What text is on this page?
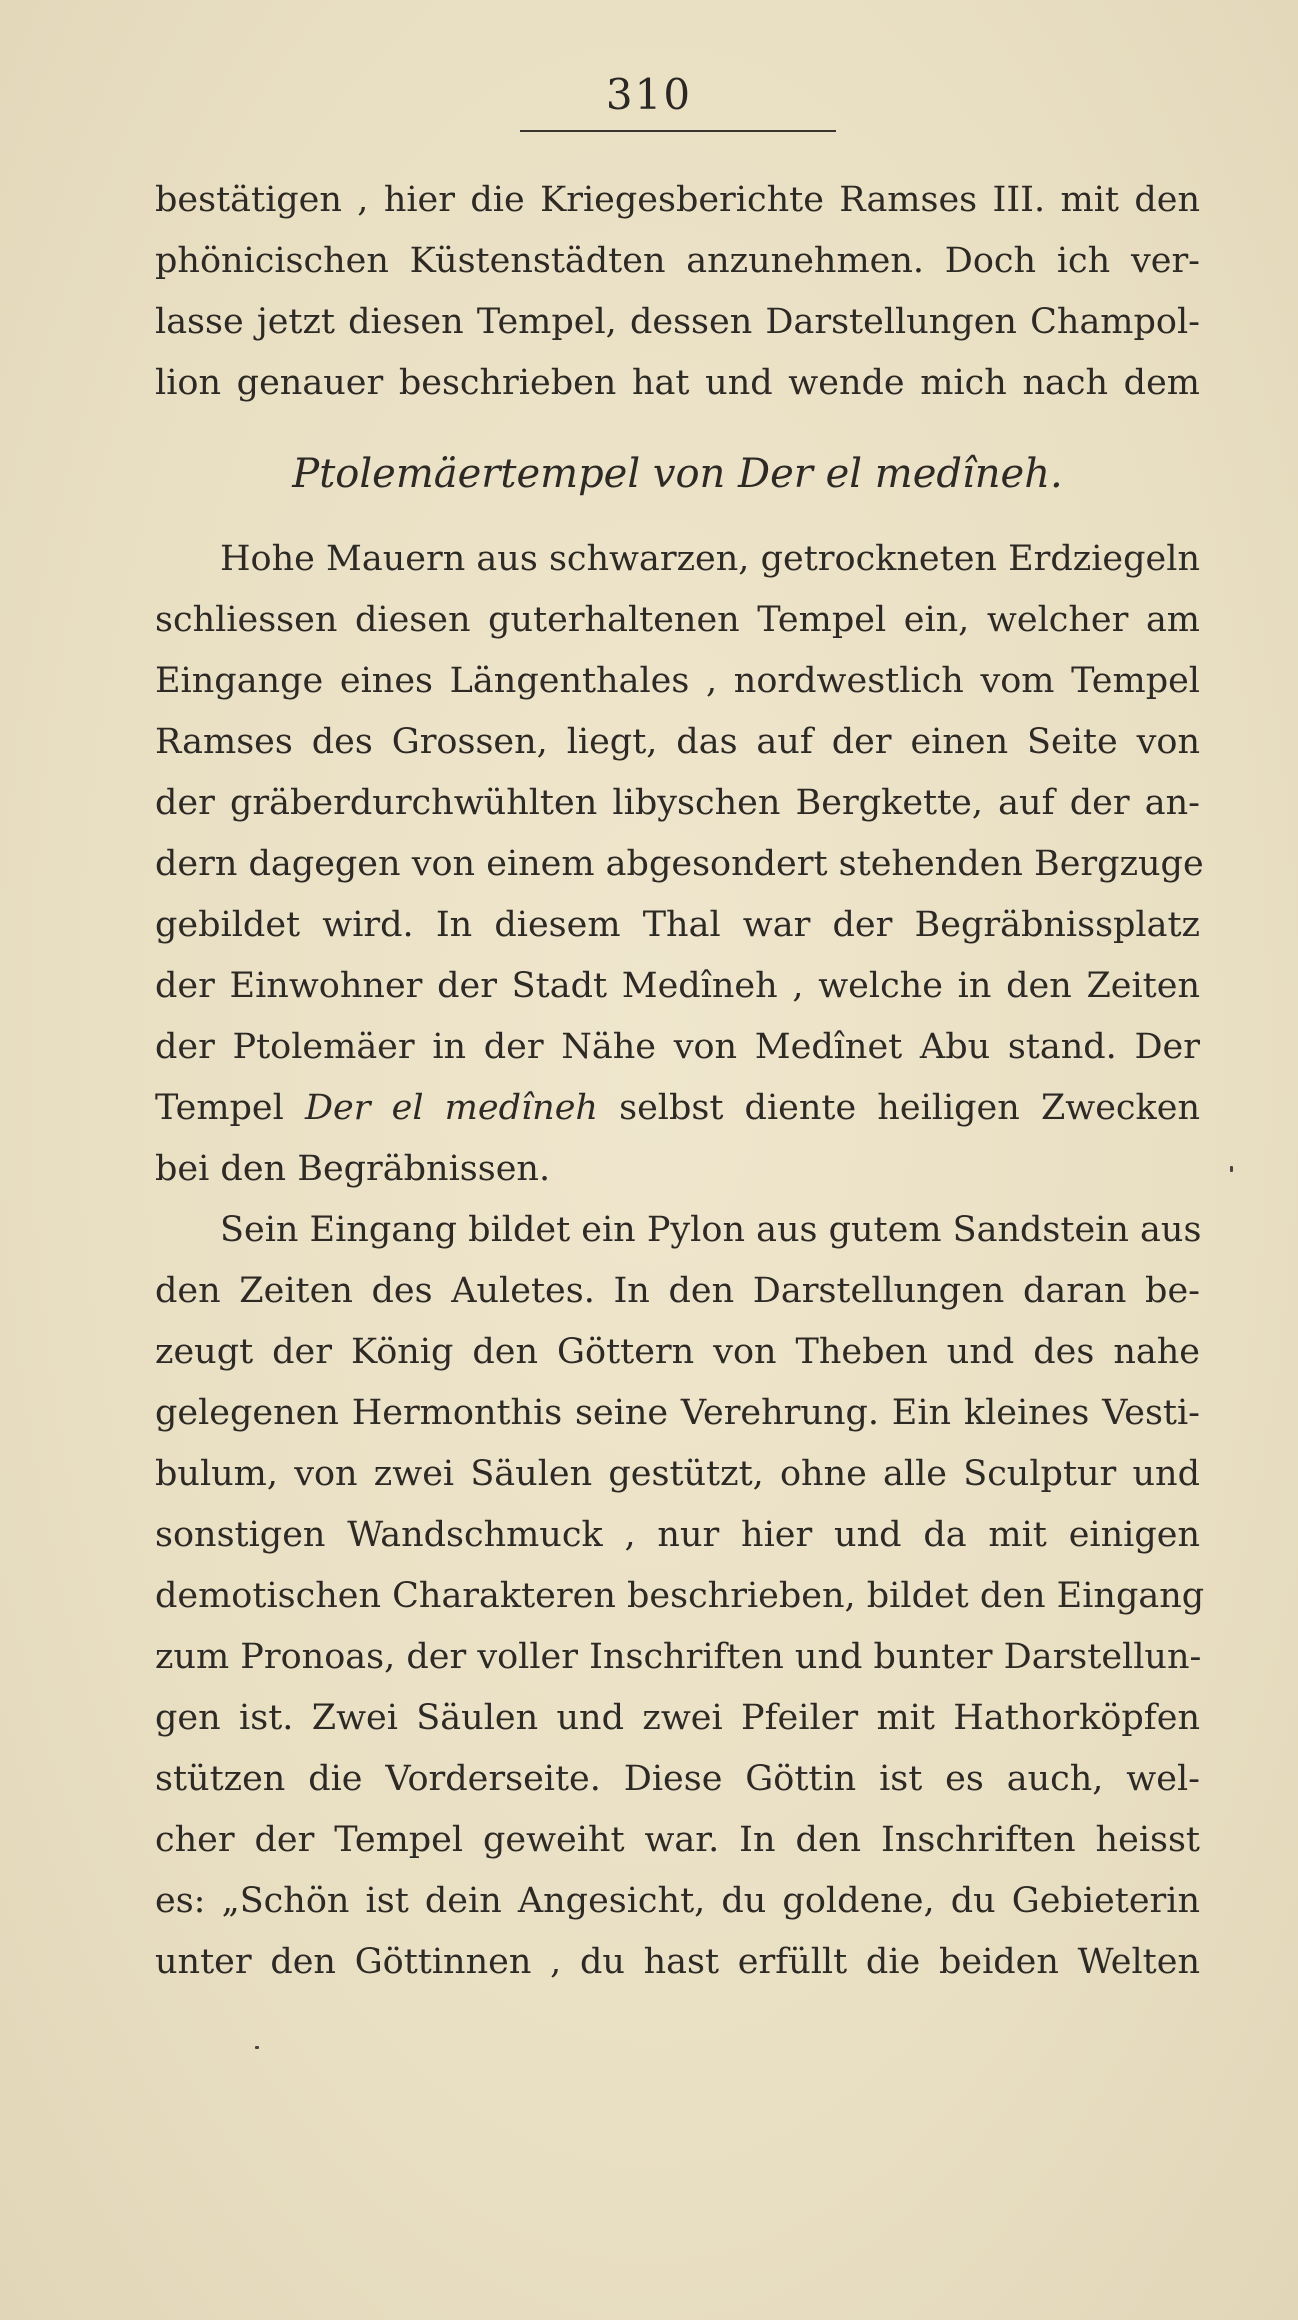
310
bestätigen , hier die Kriegesberichte Ramses III. mit den
phönicischen Küstenstädten anzunehmen. Doch ich ver-
lasse jetzt diesen Tempel, dessen Darstellungen Champol-
lion genauer beschrieben hat und wende mich nach dem
Ptolemäertempel von Der el medîneh.
Hohe Mauern aus schwarzen, getrockneten Erdziegeln
schliessen diesen guterhaltenen Tempel ein, welcher am
Eingange eines Längenthales , nordwestlich vom Tempel
Ramses des Grossen, liegt, das auf der einen Seite von
der gräberdurchwühlten libyschen Bergkette, auf der an-
dern dagegen von einem abgesondert stehenden Bergzuge
gebildet wird. In diesem Thal war der Begräbnissplatz
der Einwohner der Stadt Medîneh , welche in den Zeiten
der Ptolemäer in der Nähe von Medînet Abu stand. Der
Tempel Der el medîneh selbst diente heiligen Zwecken
bei den Begräbnissen.
Sein Eingang bildet ein Pylon aus gutem Sandstein aus
den Zeiten des Auletes. In den Darstellungen daran be-
zeugt der König den Göttern von Theben und des nahe
gelegenen Hermonthis seine Verehrung. Ein kleines Vesti-
bulum, von zwei Säulen gestützt, ohne alle Sculptur und
sonstigen Wandschmuck , nur hier und da mit einigen
demotischen Charakteren beschrieben, bildet den Eingang
zum Pronoas, der voller Inschriften und bunter Darstellun-
gen ist. Zwei Säulen und zwei Pfeiler mit Hathorköpfen
stützen die Vorderseite. Diese Göttin ist es auch, wel-
cher der Tempel geweiht war. In den Inschriften heisst
es: „Schön ist dein Angesicht, du goldene, du Gebieterin
unter den Göttinnen , du hast erfüllt die beiden Welten
